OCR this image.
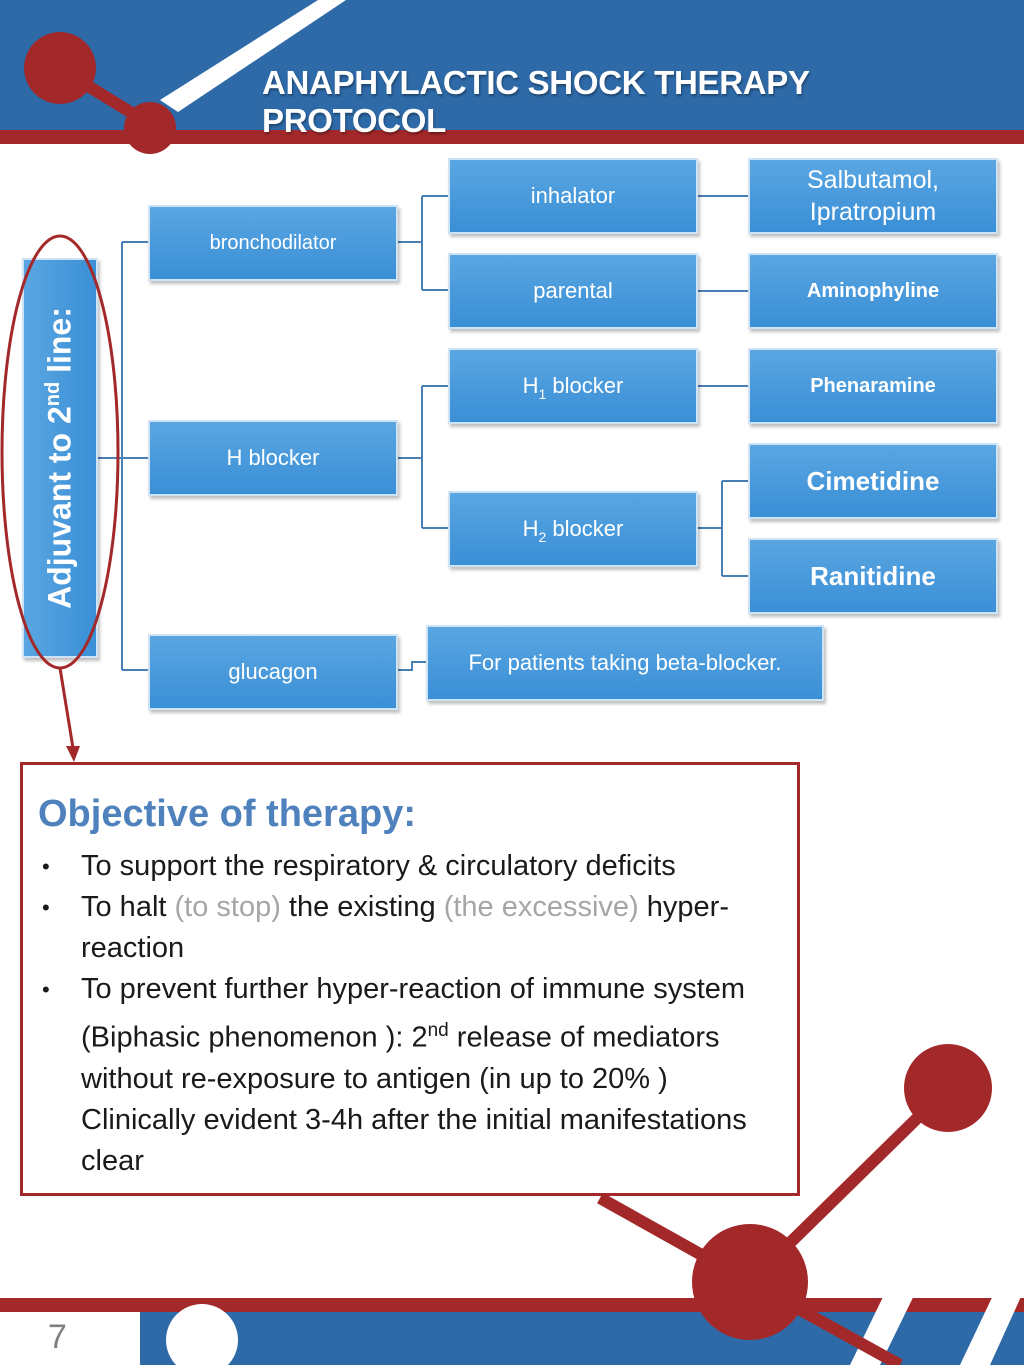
ANAPHYLACTIC SHOCK THERAPY PROTOCOL
Adjuvant to 2nd line:
bronchodilator
H blocker
glucagon
inhalator
parental
$H_1$ blocker
$H_2$ blocker
For patients taking beta-blocker.
Salbutamol,
Ipratropium
Aminophyline
Phenaramine
Cimetidine
Ranitidine
Objective of therapy:
• To support the respiratory & circulatory deficits
• To halt (to stop) the existing (the excessive) hyper-reaction
• To prevent further hyper-reaction of immune system (Biphasic phenomenon ): 2nd release of mediators without re-exposure to antigen (in up to 20% ) Clinically evident 3-4h after the initial manifestations clear
7
